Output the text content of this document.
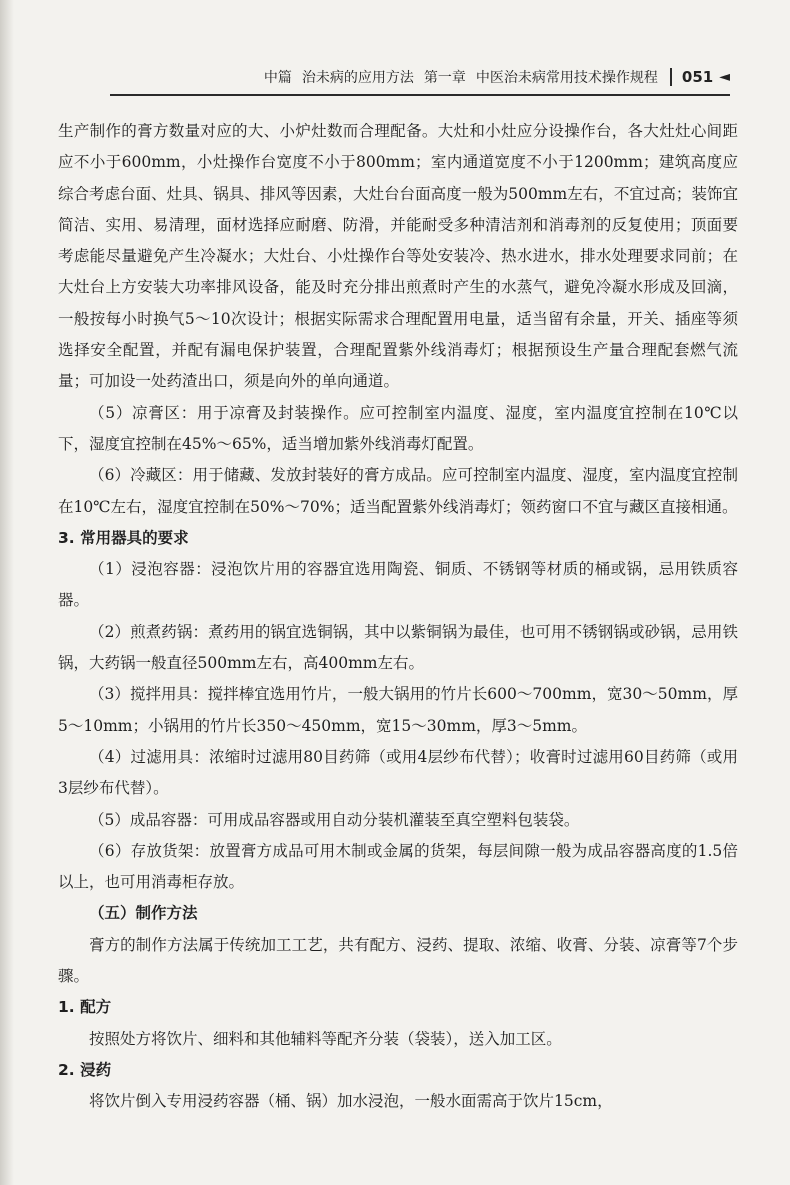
中篇 治未病的应用方法 第一章 中医治未病常用技术操作规程	051 ◄

生产制作的膏方数量对应的大、小炉灶数而合理配备。大灶和小灶应分设操作台，各大灶灶心间距应不小于600mm，小灶操作台宽度不小于800mm；室内通道宽度不小于1200mm；建筑高度应综合考虑台面、灶具、锅具、排风等因素，大灶台台面高度一般为500mm左右，不宜过高；装饰宜简洁、实用、易清理，面材选择应耐磨、防滑，并能耐受多种清洁剂和消毒剂的反复使用；顶面要考虑能尽量避免产生冷凝水；大灶台、小灶操作台等处安装冷、热水进水，排水处理要求同前；在大灶台上方安装大功率排风设备，能及时充分排出煎煮时产生的水蒸气，避免冷凝水形成及回滴，一般按每小时换气5～10次设计；根据实际需求合理配置用电量，适当留有余量，开关、插座等须选择安全配置，并配有漏电保护装置，合理配置紫外线消毒灯；根据预设生产量合理配套燃气流量；可加设一处药渣出口，须是向外的单向通道。

（5）凉膏区：用于凉膏及封装操作。应可控制室内温度、湿度，室内温度宜控制在10℃以下，湿度宜控制在45%～65%，适当增加紫外线消毒灯配置。

（6）冷藏区：用于储藏、发放封装好的膏方成品。应可控制室内温度、湿度，室内温度宜控制在10℃左右，湿度宜控制在50%～70%；适当配置紫外线消毒灯；领药窗口不宜与藏区直接相通。

3. 常用器具的要求

（1）浸泡容器：浸泡饮片用的容器宜选用陶瓷、铜质、不锈钢等材质的桶或锅，忌用铁质容器。

（2）煎煮药锅：煮药用的锅宜选铜锅，其中以紫铜锅为最佳，也可用不锈钢锅或砂锅，忌用铁锅，大药锅一般直径500mm左右，高400mm左右。

（3）搅拌用具：搅拌棒宜选用竹片，一般大锅用的竹片长600～700mm，宽30～50mm，厚5～10mm；小锅用的竹片长350～450mm，宽15～30mm，厚3～5mm。

（4）过滤用具：浓缩时过滤用80目药筛（或用4层纱布代替）；收膏时过滤用60目药筛（或用3层纱布代替）。

（5）成品容器：可用成品容器或用自动分装机灌装至真空塑料包装袋。

（6）存放货架：放置膏方成品可用木制或金属的货架，每层间隙一般为成品容器高度的1.5倍以上，也可用消毒柜存放。

（五）制作方法

膏方的制作方法属于传统加工工艺，共有配方、浸药、提取、浓缩、收膏、分装、凉膏等7个步骤。

1. 配方

按照处方将饮片、细料和其他辅料等配齐分装（袋装），送入加工区。

2. 浸药

将饮片倒入专用浸药容器（桶、锅）加水浸泡，一般水面需高于饮片15cm，
